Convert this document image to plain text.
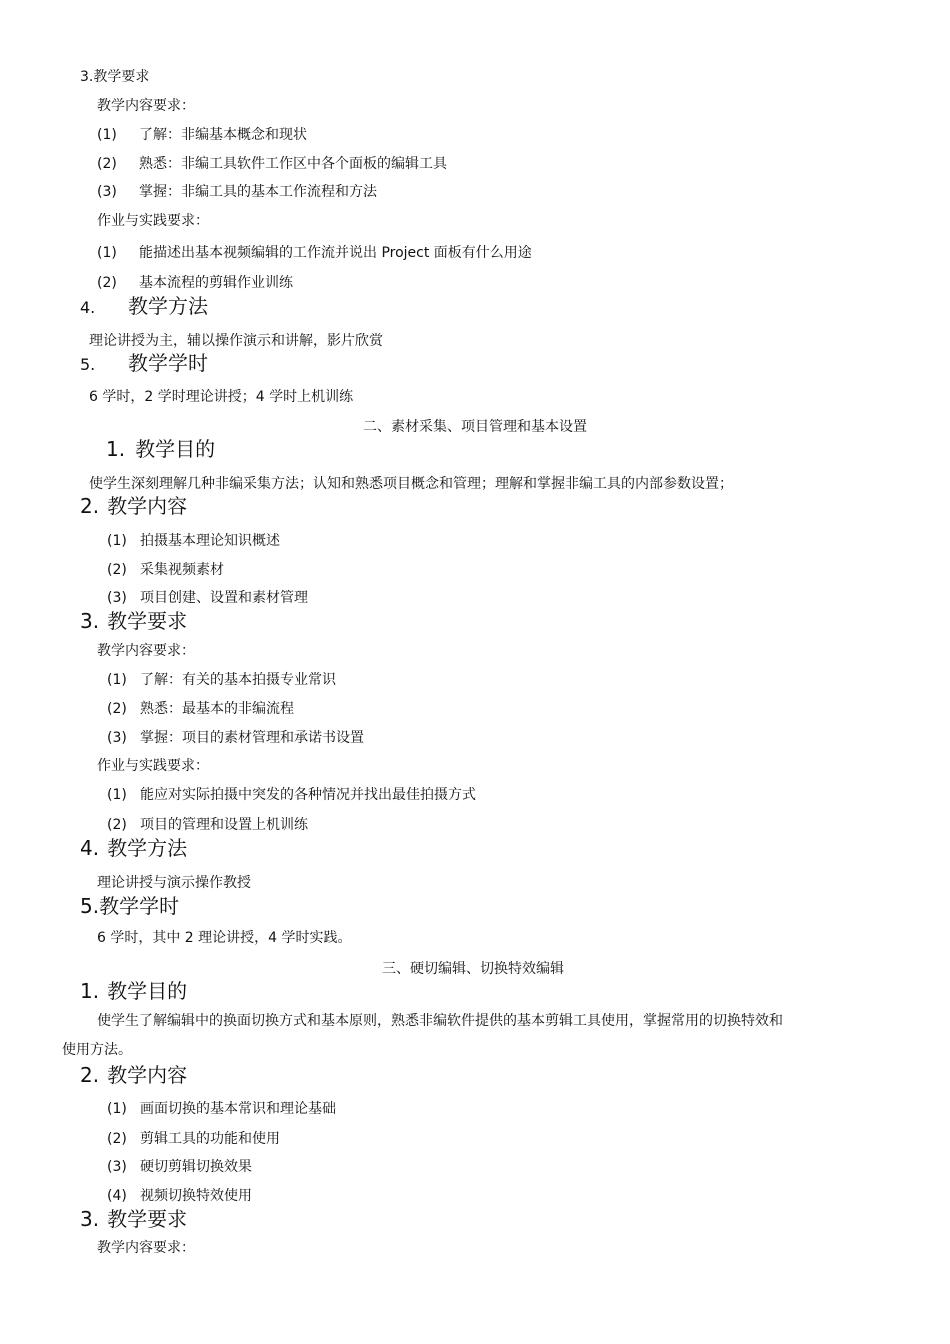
3.教学要求
教学内容要求：
(1) 了解：非编基本概念和现状
(2) 熟悉：非编工具软件工作区中各个面板的编辑工具
(3) 掌握：非编工具的基本工作流程和方法
作业与实践要求：
(1) 能描述出基本视频编辑的工作流并说出 Project 面板有什么用途
(2) 基本流程的剪辑作业训练
4. 教学方法
理论讲授为主，辅以操作演示和讲解，影片欣赏
5. 教学学时
6 学时，2 学时理论讲授；4 学时上机训练
二、素材采集、项目管理和基本设置
1. 教学目的
使学生深刻理解几种非编采集方法；认知和熟悉项目概念和管理；理解和掌握非编工具的内部参数设置；
2. 教学内容
(1) 拍摄基本理论知识概述
(2) 采集视频素材
(3) 项目创建、设置和素材管理
3. 教学要求
教学内容要求：
(1) 了解：有关的基本拍摄专业常识
(2) 熟悉：最基本的非编流程
(3) 掌握：项目的素材管理和承诺书设置
作业与实践要求：
(1) 能应对实际拍摄中突发的各种情况并找出最佳拍摄方式
(2) 项目的管理和设置上机训练
4. 教学方法
理论讲授与演示操作教授
5.教学学时
6 学时，其中 2 理论讲授，4 学时实践。
三、硬切编辑、切换特效编辑
1. 教学目的
使学生了解编辑中的换面切换方式和基本原则，熟悉非编软件提供的基本剪辑工具使用，掌握常用的切换特效和
使用方法。
2. 教学内容
(1) 画面切换的基本常识和理论基础
(2) 剪辑工具的功能和使用
(3) 硬切剪辑切换效果
(4) 视频切换特效使用
3. 教学要求
教学内容要求：
